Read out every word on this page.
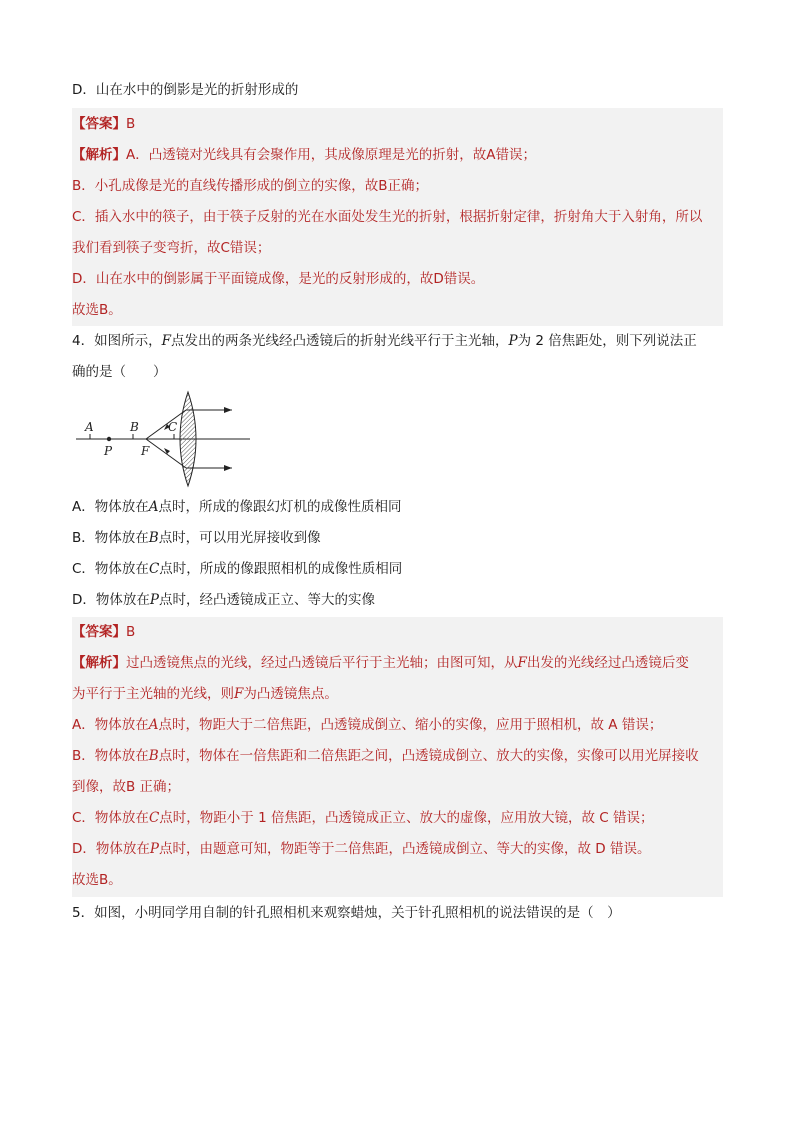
D．山在水中的倒影是光的折射形成的
【答案】B
【解析】A．凸透镜对光线具有会聚作用，其成像原理是光的折射，故A错误；
B．小孔成像是光的直线传播形成的倒立的实像，故B正确；
C．插入水中的筷子，由于筷子反射的光在水面处发生光的折射，根据折射定律，折射角大于入射角，所以
我们看到筷子变弯折，故C错误；
D．山在水中的倒影属于平面镜成像，是光的反射形成的，故D错误。
故选B。
4．如图所示，F点发出的两条光线经凸透镜后的折射光线平行于主光轴，P为 2 倍焦距处，则下列说法正
确的是（　　）
A	B C
P F
A．物体放在A点时，所成的像跟幻灯机的成像性质相同
B．物体放在B点时，可以用光屏接收到像
C．物体放在C点时，所成的像跟照相机的成像性质相同
D．物体放在P点时，经凸透镜成正立、等大的实像
【答案】B
【解析】过凸透镜焦点的光线，经过凸透镜后平行于主光轴；由图可知，从F出发的光线经过凸透镜后变
为平行于主光轴的光线，则F为凸透镜焦点。
A．物体放在A点时，物距大于二倍焦距，凸透镜成倒立、缩小的实像，应用于照相机，故 A 错误；
B．物体放在B点时，物体在一倍焦距和二倍焦距之间，凸透镜成倒立、放大的实像，实像可以用光屏接收
到像，故B 正确；
C．物体放在C点时，物距小于 1 倍焦距，凸透镜成正立、放大的虚像，应用放大镜，故 C 错误；
D．物体放在P点时，由题意可知，物距等于二倍焦距，凸透镜成倒立、等大的实像，故 D 错误。
故选B。
5．如图，小明同学用自制的针孔照相机来观察蜡烛，关于针孔照相机的说法错误的是（　）
